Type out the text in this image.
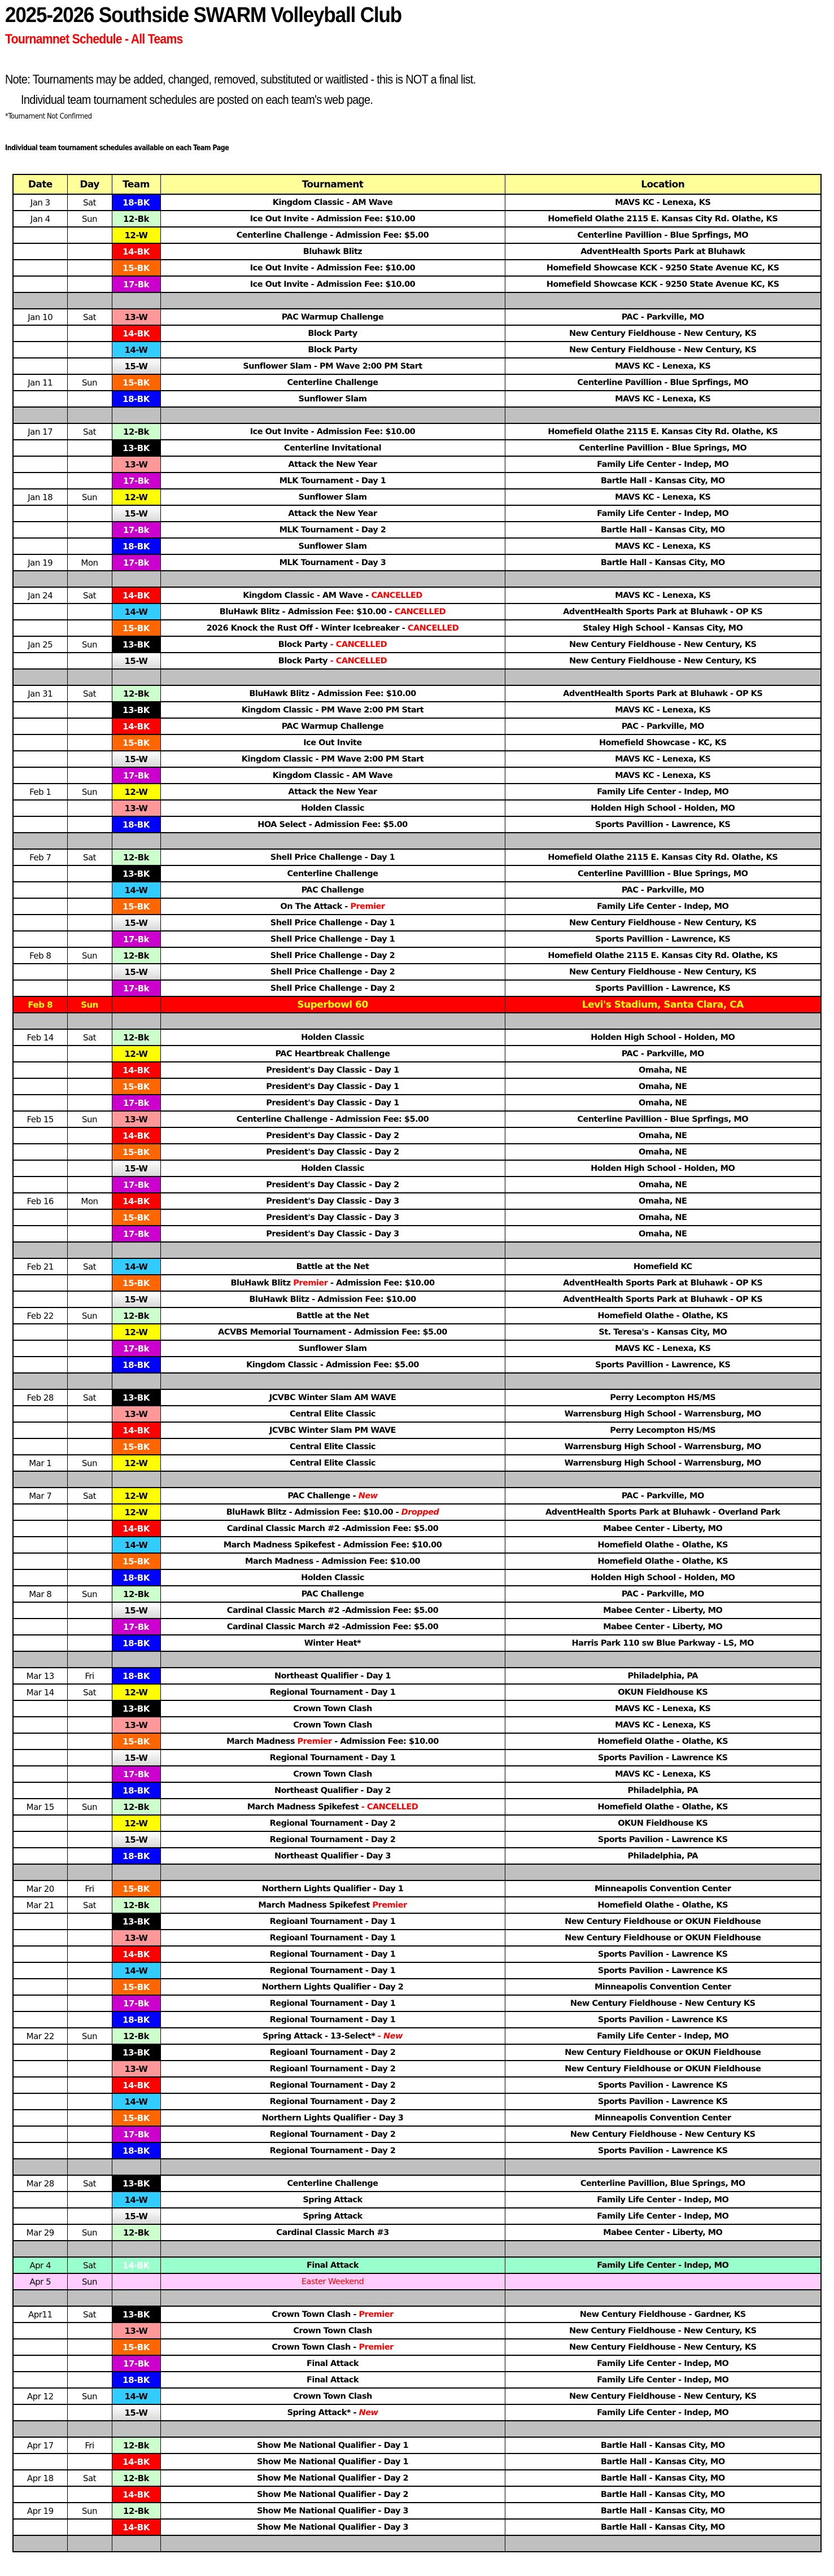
2025-2026 Southside SWARM Volleyball Club
Tournamnet Schedule - All Teams
Note: Tournaments may be added, changed, removed, substituted or waitlisted - this is NOT a final list.
Individual team tournament schedules are posted on each team's web page.
*Tournament Not Confirmed
Individual team tournament schedules available on each Team Page
Date	Day	Team	Tournament	Location
Jan 3	Sat	18-BK	Kingdom Classic - AM Wave	MAVS KC - Lenexa, KS
Jan 4	Sun	12-Bk	Ice Out Invite - Admission Fee: $10.00	Homefield Olathe 2115 E. Kansas City Rd. Olathe, KS
		12-W	Centerline Challenge - Admission Fee: $5.00	Centerline Pavillion - Blue Sprfings, MO
		14-BK	Bluhawk Blitz	AdventHealth Sports Park at Bluhawk
		15-BK	Ice Out Invite - Admission Fee: $10.00	Homefield Showcase KCK - 9250 State Avenue KC, KS
		17-Bk	Ice Out Invite - Admission Fee: $10.00	Homefield Showcase KCK - 9250 State Avenue KC, KS

Jan 10	Sat	13-W	PAC Warmup Challenge	PAC - Parkville, MO
		14-BK	Block Party	New Century Fieldhouse - New Century, KS
		14-W	Block Party	New Century Fieldhouse - New Century, KS
		15-W	Sunflower Slam - PM Wave 2:00 PM Start	MAVS KC - Lenexa, KS
Jan 11	Sun	15-BK	Centerline Challenge	Centerline Pavillion - Blue Sprfings, MO
		18-BK	Sunflower Slam	MAVS KC - Lenexa, KS

Jan 17	Sat	12-Bk	Ice Out Invite - Admission Fee: $10.00	Homefield Olathe 2115 E. Kansas City Rd. Olathe, KS
		13-BK	Centerline Invitational	Centerline Pavillion - Blue Springs, MO
		13-W	Attack the New Year	Family Life Center - Indep, MO
		17-Bk	MLK Tournament - Day 1	Bartle Hall - Kansas City, MO
Jan 18	Sun	12-W	Sunflower Slam	MAVS KC - Lenexa, KS
		15-W	Attack the New Year	Family Life Center - Indep, MO
		17-Bk	MLK Tournament - Day 2	Bartle Hall - Kansas City, MO
		18-BK	Sunflower Slam	MAVS KC - Lenexa, KS
Jan 19	Mon	17-Bk	MLK Tournament - Day 3	Bartle Hall - Kansas City, MO

Jan 24	Sat	14-BK	Kingdom Classic - AM Wave - CANCELLED	MAVS KC - Lenexa, KS
		14-W	BluHawk Blitz - Admission Fee: $10.00 - CANCELLED	AdventHealth Sports Park at Bluhawk - OP KS
		15-BK	2026 Knock the Rust Off - Winter Icebreaker - CANCELLED	Staley High School - Kansas City, MO
Jan 25	Sun	13-BK	Block Party - CANCELLED	New Century Fieldhouse - New Century, KS
		15-W	Block Party - CANCELLED	New Century Fieldhouse - New Century, KS

Jan 31	Sat	12-Bk	BluHawk Blitz - Admission Fee: $10.00	AdventHealth Sports Park at Bluhawk - OP KS
		13-BK	Kingdom Classic - PM Wave 2:00 PM Start	MAVS KC - Lenexa, KS
		14-BK	PAC Warmup Challenge	PAC - Parkville, MO
		15-BK	Ice Out Invite	Homefield Showcase - KC, KS
		15-W	Kingdom Classic - PM Wave 2:00 PM Start	MAVS KC - Lenexa, KS
		17-Bk	Kingdom Classic - AM Wave	MAVS KC - Lenexa, KS
Feb 1	Sun	12-W	Attack the New Year	Family Life Center - Indep, MO
		13-W	Holden Classic	Holden High School - Holden, MO
		18-BK	HOA Select - Admission Fee: $5.00	Sports Pavillion - Lawrence, KS

Feb 7	Sat	12-Bk	Shell Price Challenge - Day 1	Homefield Olathe 2115 E. Kansas City Rd. Olathe, KS
		13-BK	Centerline Challenge	Centerline Pavilllion - Blue Springs, MO
		14-W	PAC Challenge	PAC - Parkville, MO
		15-BK	On The Attack - Premier	Family Life Center - Indep, MO
		15-W	Shell Price Challenge - Day 1	New Century Fieldhouse - New Century, KS
		17-Bk	Shell Price Challenge - Day 1	Sports Pavillion - Lawrence, KS
Feb 8	Sun	12-Bk	Shell Price Challenge - Day 2	Homefield Olathe 2115 E. Kansas City Rd. Olathe, KS
		15-W	Shell Price Challenge - Day 2	New Century Fieldhouse - New Century, KS
		17-Bk	Shell Price Challenge - Day 2	Sports Pavillion - Lawrence, KS
Feb 8	Sun		Superbowl 60	Levi's Stadium, Santa Clara, CA

Feb 14	Sat	12-Bk	Holden Classic	Holden High School - Holden, MO
		12-W	PAC Heartbreak Challenge	PAC - Parkville, MO
		14-BK	President's Day Classic - Day 1	Omaha, NE
		15-BK	President's Day Classic - Day 1	Omaha, NE
		17-Bk	President's Day Classic - Day 1	Omaha, NE
Feb 15	Sun	13-W	Centerline Challenge - Admission Fee: $5.00	Centerline Pavillion - Blue Sprfings, MO
		14-BK	President's Day Classic - Day 2	Omaha, NE
		15-BK	President's Day Classic - Day 2	Omaha, NE
		15-W	Holden Classic	Holden High School - Holden, MO
		17-Bk	President's Day Classic - Day 2	Omaha, NE
Feb 16	Mon	14-BK	President's Day Classic - Day 3	Omaha, NE
		15-BK	President's Day Classic - Day 3	Omaha, NE
		17-Bk	President's Day Classic - Day 3	Omaha, NE

Feb 21	Sat	14-W	Battle at the Net	Homefield KC
		15-BK	BluHawk Blitz Premier - Admission Fee: $10.00	AdventHealth Sports Park at Bluhawk - OP KS
		15-W	BluHawk Blitz - Admission Fee: $10.00	AdventHealth Sports Park at Bluhawk - OP KS
Feb 22	Sun	12-Bk	Battle at the Net	Homefield Olathe - Olathe, KS
		12-W	ACVBS Memorial Tournament - Admission Fee: $5.00	St. Teresa's - Kansas City, MO
		17-Bk	Sunflower Slam	MAVS KC - Lenexa, KS
		18-BK	Kingdom Classic - Admission Fee: $5.00	Sports Pavillion - Lawrence, KS

Feb 28	Sat	13-BK	JCVBC Winter Slam AM WAVE	Perry Lecompton HS/MS
		13-W	Central Elite Classic	Warrensburg High School - Warrensburg, MO
		14-BK	JCVBC Winter Slam PM WAVE	Perry Lecompton HS/MS
		15-BK	Central Elite Classic	Warrensburg High School - Warrensburg, MO
Mar 1	Sun	12-W	Central Elite Classic	Warrensburg High School - Warrensburg, MO

Mar 7	Sat	12-W	PAC Challenge - New	PAC - Parkville, MO
		12-W	BluHawk Blitz - Admission Fee: $10.00 - Dropped	AdventHealth Sports Park at Bluhawk - Overland Park
		14-BK	Cardinal Classic March #2 -Admission Fee: $5.00	Mabee Center - Liberty, MO
		14-W	March Madness Spikefest - Admission Fee: $10.00	Homefield Olathe - Olathe, KS
		15-BK	March Madness - Admission Fee: $10.00	Homefield Olathe - Olathe, KS
		18-BK	Holden Classic	Holden High School - Holden, MO
Mar 8	Sun	12-Bk	PAC Challenge	PAC - Parkville, MO
		15-W	Cardinal Classic March #2 -Admission Fee: $5.00	Mabee Center - Liberty, MO
		17-Bk	Cardinal Classic March #2 -Admission Fee: $5.00	Mabee Center - Liberty, MO
		18-BK	Winter Heat*	Harris Park 110 sw Blue Parkway - LS, MO

Mar 13	Fri	18-BK	Northeast Qualifier - Day 1	Philadelphia, PA
Mar 14	Sat	12-W	Regional Tournament - Day 1	OKUN Fieldhouse KS
		13-BK	Crown Town Clash	MAVS KC - Lenexa, KS
		13-W	Crown Town Clash	MAVS KC - Lenexa, KS
		15-BK	March Madness Premier - Admission Fee: $10.00	Homefield Olathe - Olathe, KS
		15-W	Regional Tournament - Day 1	Sports Pavilion - Lawrence KS
		17-Bk	Crown Town Clash	MAVS KC - Lenexa, KS
		18-BK	Northeast Qualifier - Day 2	Philadelphia, PA
Mar 15	Sun	12-Bk	March Madness Spikefest - CANCELLED	Homefield Olathe - Olathe, KS
		12-W	Regional Tournament - Day 2	OKUN Fieldhouse KS
		15-W	Regional Tournament - Day 2	Sports Pavilion - Lawrence KS
		18-BK	Northeast Qualifier - Day 3	Philadelphia, PA

Mar 20	Fri	15-BK	Northern Lights Qualifier - Day 1	Minneapolis Convention Center
Mar 21	Sat	12-Bk	March Madness Spikefest Premier	Homefield Olathe - Olathe, KS
		13-BK	Regioanl Tournament - Day 1	New Century Fieldhouse or OKUN Fieldhouse
		13-W	Regioanl Tournament - Day 1	New Century Fieldhouse or OKUN Fieldhouse
		14-BK	Regional Tournament - Day 1	Sports Pavilion - Lawrence KS
		14-W	Regional Tournament - Day 1	Sports Pavilion - Lawrence KS
		15-BK	Northern Lights Qualifier - Day 2	Minneapolis Convention Center
		17-Bk	Regional Tournament - Day 1	New Century Fieldhouse - New Century KS
		18-BK	Regional Tournament - Day 1	Sports Pavilion - Lawrence KS
Mar 22	Sun	12-Bk	Spring Attack - 13-Select* - New	Family Life Center - Indep, MO
		13-BK	Regioanl Tournament - Day 2	New Century Fieldhouse or OKUN Fieldhouse
		13-W	Regioanl Tournament - Day 2	New Century Fieldhouse or OKUN Fieldhouse
		14-BK	Regional Tournament - Day 2	Sports Pavilion - Lawrence KS
		14-W	Regional Tournament - Day 2	Sports Pavilion - Lawrence KS
		15-BK	Northern Lights Qualifier - Day 3	Minneapolis Convention Center
		17-Bk	Regional Tournament - Day 2	New Century Fieldhouse - New Century KS
		18-BK	Regional Tournament - Day 2	Sports Pavilion - Lawrence KS

Mar 28	Sat	13-BK	Centerline Challenge	Centerline Pavillion, Blue Springs, MO
		14-W	Spring Attack	Family Life Center - Indep, MO
		15-W	Spring Attack	Family Life Center - Indep, MO
Mar 29	Sun	12-Bk	Cardinal Classic March #3	Mabee Center - Liberty, MO

Apr 4	Sat	14-BK	Final Attack	Family Life Center - Indep, MO
Apr 5	Sun		Easter Weekend	

Apr11	Sat	13-BK	Crown Town Clash - Premier	New Century Fieldhouse - Gardner, KS
		13-W	Crown Town Clash	New Century Fieldhouse - New Century, KS
		15-BK	Crown Town Clash - Premier	New Century Fieldhouse - New Century, KS
		17-Bk	Final Attack	Family Life Center - Indep, MO
		18-BK	Final Attack	Family Life Center - Indep, MO
Apr 12	Sun	14-W	Crown Town Clash	New Century Fieldhouse - New Century, KS
		15-W	Spring Attack* - New	Family Life Center - Indep, MO

Apr 17	Fri	12-Bk	Show Me National Qualifier - Day 1	Bartle Hall - Kansas City, MO
		14-BK	Show Me National Qualifier - Day 1	Bartle Hall - Kansas City, MO
Apr 18	Sat	12-Bk	Show Me National Qualifier - Day 2	Bartle Hall - Kansas City, MO
		14-BK	Show Me National Qualifier - Day 2	Bartle Hall - Kansas City, MO
Apr 19	Sun	12-Bk	Show Me National Qualifier - Day 3	Bartle Hall - Kansas City, MO
		14-BK	Show Me National Qualifier - Day 3	Bartle Hall - Kansas City, MO
